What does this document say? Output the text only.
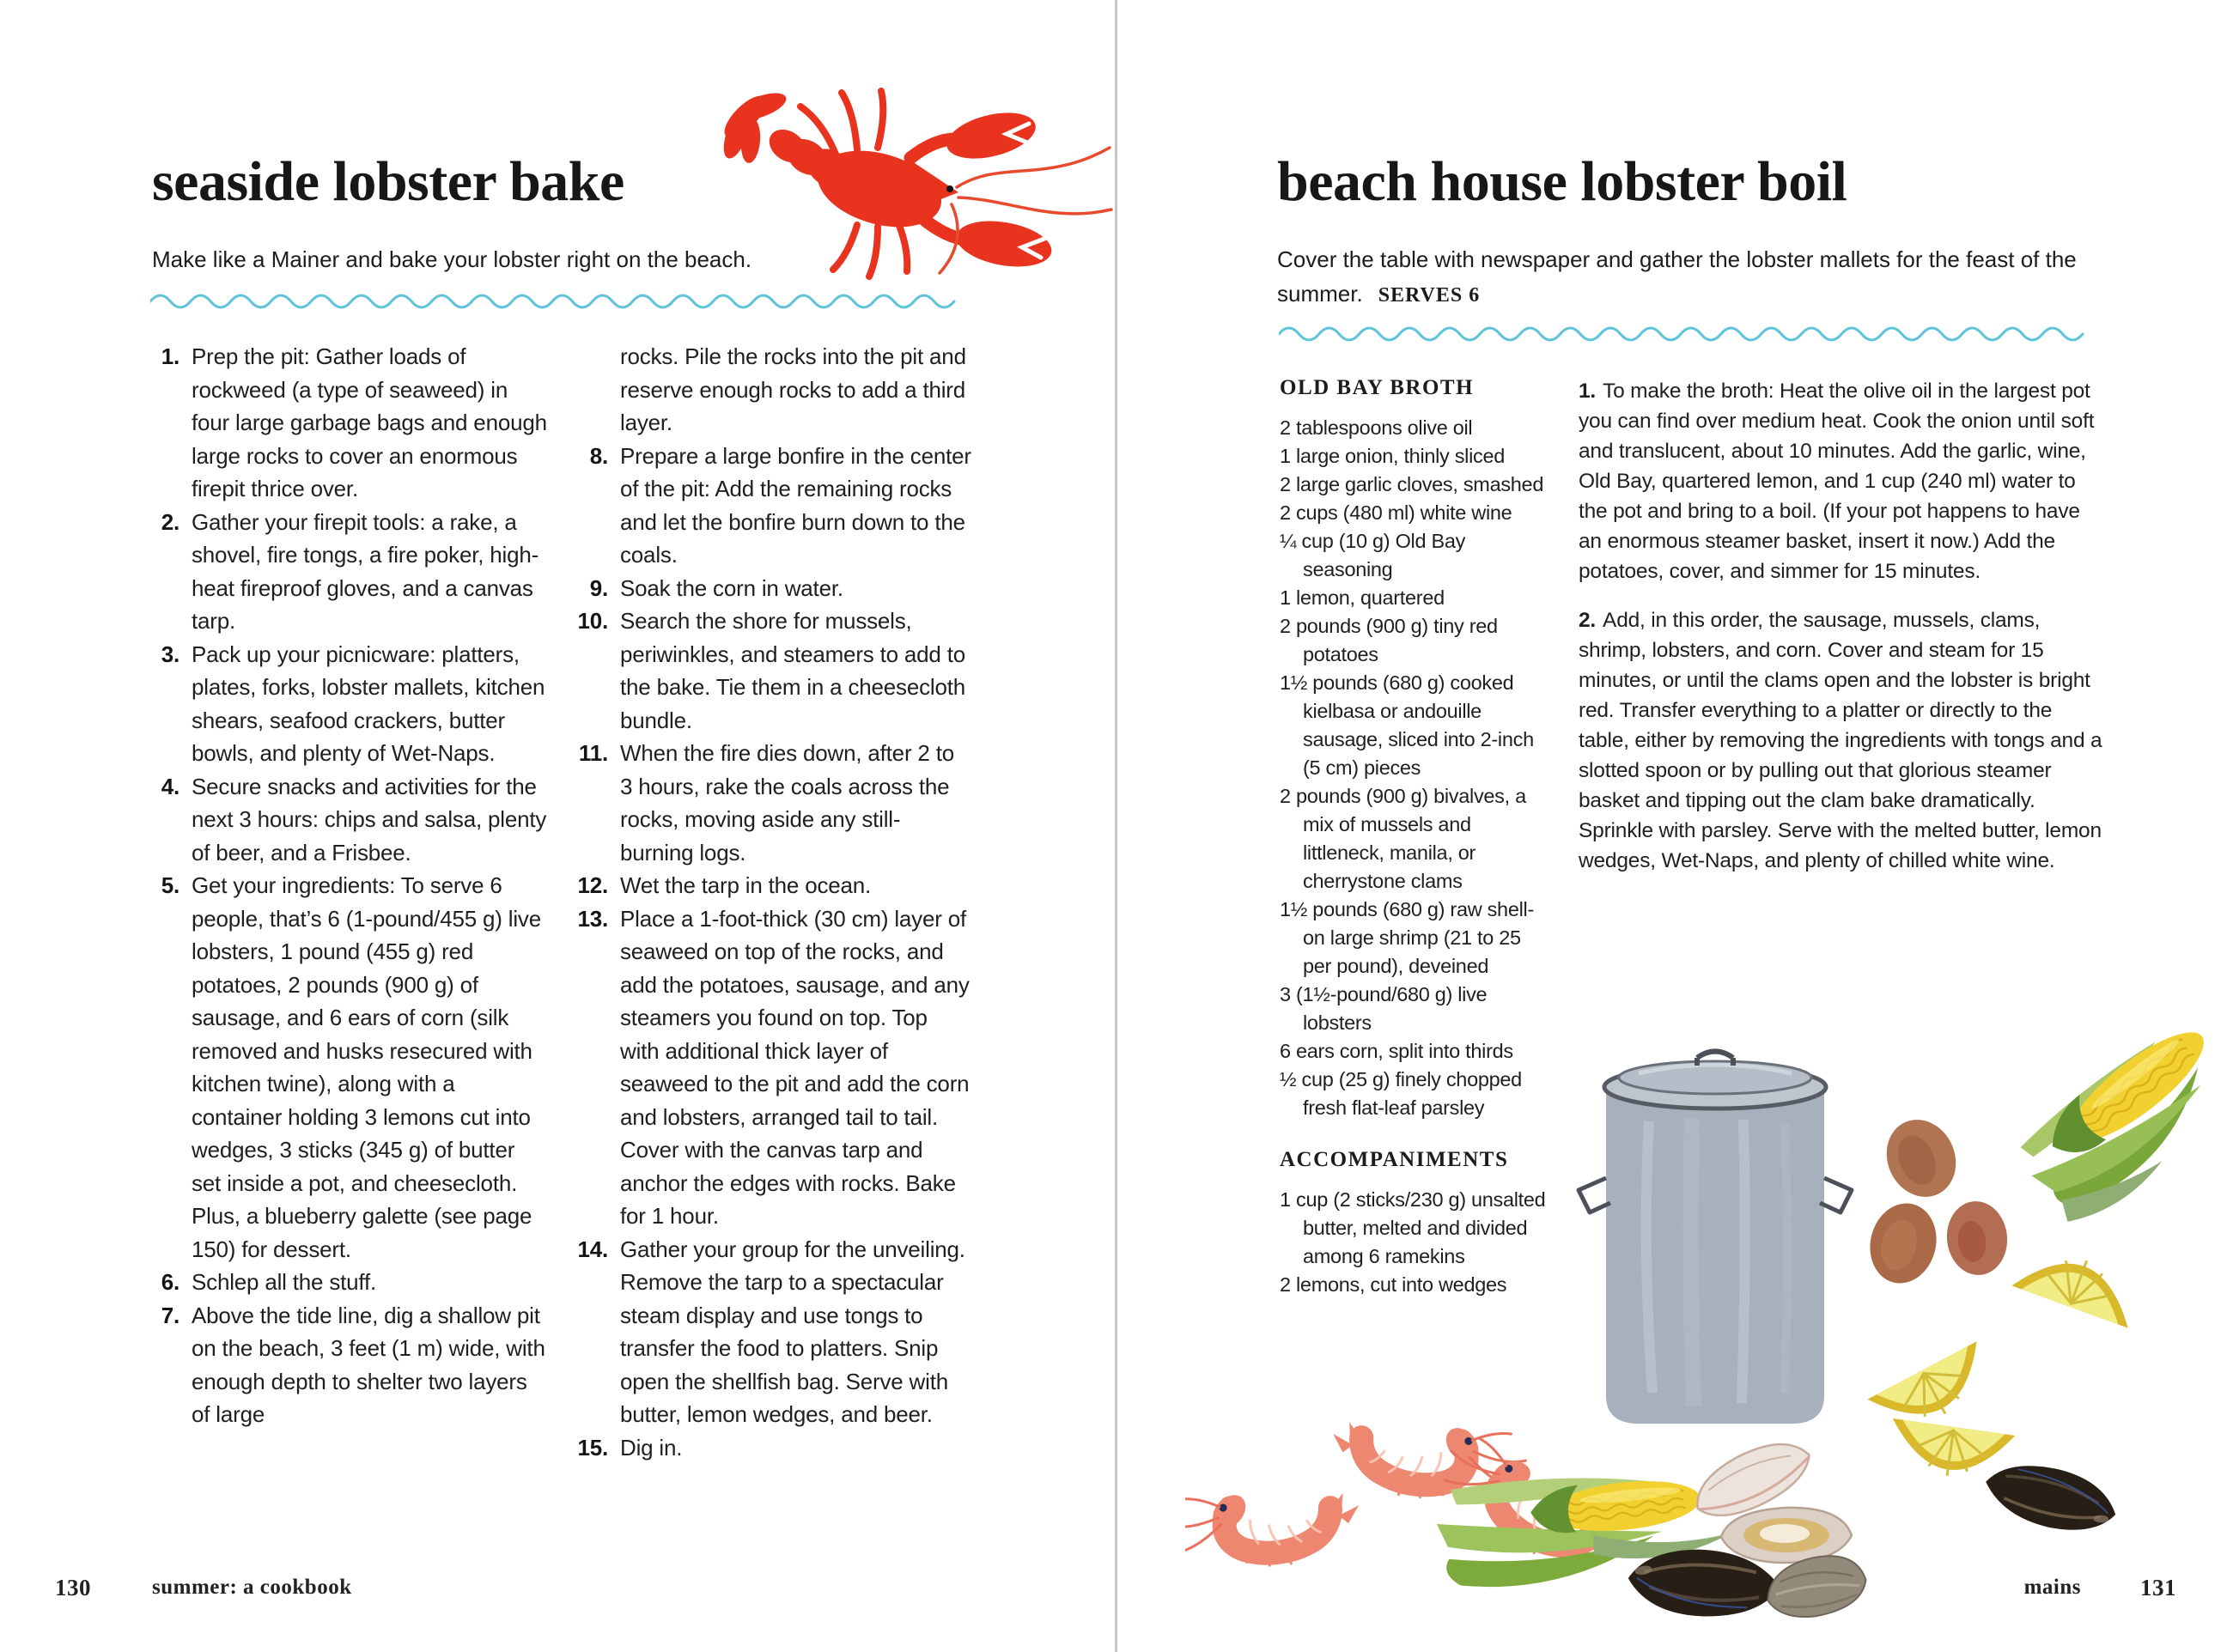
seaside lobster bake

Make like a Mainer and bake your lobster right on the beach.

1. Prep the pit: Gather loads of rockweed (a type of seaweed) in four large garbage bags and enough large rocks to cover an enormous firepit thrice over.
2. Gather your firepit tools: a rake, a shovel, fire tongs, a fire poker, high-heat fireproof gloves, and a canvas tarp.
3. Pack up your picnicware: platters, plates, forks, lobster mallets, kitchen shears, seafood crackers, butter bowls, and plenty of Wet-Naps.
4. Secure snacks and activities for the next 3 hours: chips and salsa, plenty of beer, and a Frisbee.
5. Get your ingredients: To serve 6 people, that’s 6 (1-pound/455 g) live lobsters, 1 pound (455 g) red potatoes, 2 pounds (900 g) of sausage, and 6 ears of corn (silk removed and husks resecured with kitchen twine), along with a container holding 3 lemons cut into wedges, 3 sticks (345 g) of butter set inside a pot, and cheesecloth. Plus, a blueberry galette (see page 150) for dessert.
6. Schlep all the stuff.
7. Above the tide line, dig a shallow pit on the beach, 3 feet (1 m) wide, with enough depth to shelter two layers of large

rocks. Pile the rocks into the pit and reserve enough rocks to add a third layer.

8. Prepare a large bonfire in the center of the pit: Add the remaining rocks and let the bonfire burn down to the coals.
9. Soak the corn in water.
10. Search the shore for mussels, periwinkles, and steamers to add to the bake. Tie them in a cheesecloth bundle.
11. When the fire dies down, after 2 to 3 hours, rake the coals across the rocks, moving aside any still-burning logs.
12. Wet the tarp in the ocean.
13. Place a 1-foot-thick (30 cm) layer of seaweed on top of the rocks, and add the potatoes, sausage, and any steamers you found on top. Top with additional thick layer of seaweed to the pit and add the corn and lobsters, arranged tail to tail. Cover with the canvas tarp and anchor the edges with rocks. Bake for 1 hour.
14. Gather your group for the unveiling. Remove the tarp to a spectacular steam display and use tongs to transfer the food to platters. Snip open the shellfish bag. Serve with butter, lemon wedges, and beer.
15. Dig in.
130	summer: a cookbook
beach house lobster boil

Cover the table with newspaper and gather the lobster mallets for the feast of the summer. SERVES 6

OLD BAY BROTH
2 tablespoons olive oil
1 large onion, thinly sliced
2 large garlic cloves, smashed
2 cups (480 ml) white wine
¼ cup (10 g) Old Bay seasoning
1 lemon, quartered
2 pounds (900 g) tiny red potatoes
1½ pounds (680 g) cooked kielbasa or andouille sausage, sliced into 2-inch (5 cm) pieces
2 pounds (900 g) bivalves, a mix of mussels and littleneck, manila, or cherrystone clams
1½ pounds (680 g) raw shell-on large shrimp (21 to 25 per pound), deveined
3 (1½-pound/680 g) live lobsters
6 ears corn, split into thirds
½ cup (25 g) finely chopped fresh flat-leaf parsley
ACCOMPANIMENTS
1 cup (2 sticks/230 g) unsalted butter, melted and divided among 6 ramekins
2 lemons, cut into wedges

1. To make the broth: Heat the olive oil in the largest pot you can find over medium heat. Cook the onion until soft and translucent, about 10 minutes. Add the garlic, wine, Old Bay, quartered lemon, and 1 cup (240 ml) water to the pot and bring to a boil. (If your pot happens to have an enormous steamer basket, insert it now.) Add the potatoes, cover, and simmer for 15 minutes.

2. Add, in this order, the sausage, mussels, clams, shrimp, lobsters, and corn. Cover and steam for 15 minutes, or until the clams open and the lobster is bright red. Transfer everything to a platter or directly to the table, either by removing the ingredients with tongs and a slotted spoon or by pulling out that glorious steamer basket and tipping out the clam bake dramatically. Sprinkle with parsley. Serve with the melted butter, lemon wedges, Wet-Naps, and plenty of chilled white wine.

mains	131
